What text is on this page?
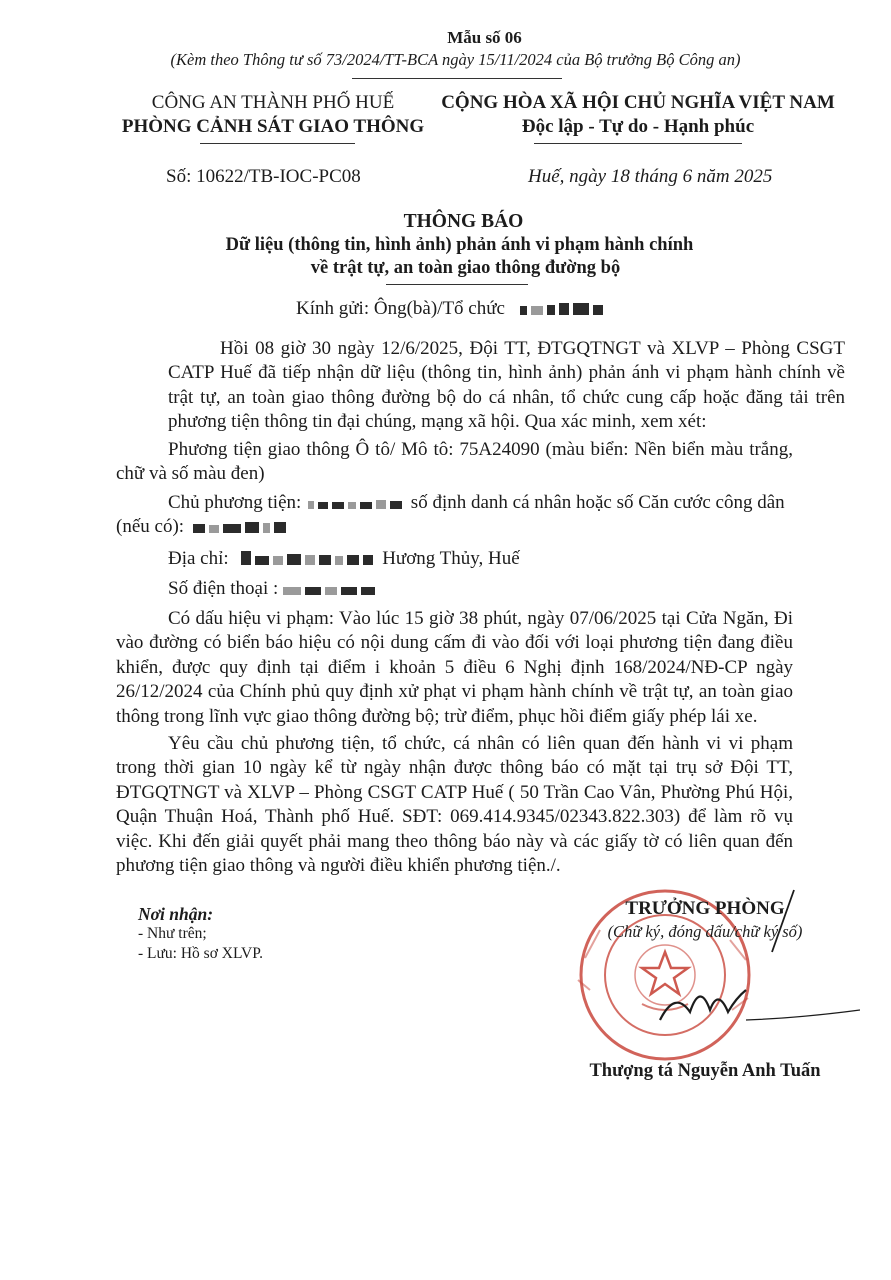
Mẫu số 06
(Kèm theo Thông tư số 73/2024/TT-BCA ngày 15/11/2024 của Bộ trưởng Bộ Công an)
CÔNG AN THÀNH PHỐ HUẾ
PHÒNG CẢNH SÁT GIAO THÔNG
CỘNG HÒA XÃ HỘI CHỦ NGHĨA VIỆT NAM
Độc lập - Tự do - Hạnh phúc
Số: 10622/TB-IOC-PC08	Huế, ngày 18 tháng 6 năm 2025
THÔNG BÁO
Dữ liệu (thông tin, hình ảnh) phản ánh vi phạm hành chính
về trật tự, an toàn giao thông đường bộ
Kính gửi: Ông(bà)/Tổ chức
Hồi 08 giờ 30 ngày 12/6/2025, Đội TT, ĐTGQTNGT và XLVP – Phòng CSGT CATP Huế đã tiếp nhận dữ liệu (thông tin, hình ảnh) phản ánh vi phạm hành chính về trật tự, an toàn giao thông đường bộ do cá nhân, tổ chức cung cấp hoặc đăng tải trên phương tiện thông tin đại chúng, mạng xã hội. Qua xác minh, xem xét:
Phương tiện giao thông Ô tô/ Mô tô: 75A24090 (màu biển: Nền biển màu trắng, chữ và số màu đen)
Chủ phương tiện:	số định danh cá nhân hoặc số Căn cước công dân
(nếu có):
Địa chỉ:	Hương Thủy, Huế
Số điện thoại :
Có dấu hiệu vi phạm: Vào lúc 15 giờ 38 phút, ngày 07/06/2025 tại Cửa Ngăn, Đi vào đường có biển báo hiệu có nội dung cấm đi vào đối với loại phương tiện đang điều khiển, được quy định tại điểm i khoản 5 điều 6 Nghị định 168/2024/NĐ-CP ngày 26/12/2024 của Chính phủ quy định xử phạt vi phạm hành chính về trật tự, an toàn giao thông trong lĩnh vực giao thông đường bộ; trừ điểm, phục hồi điểm giấy phép lái xe.
Yêu cầu chủ phương tiện, tổ chức, cá nhân có liên quan đến hành vi vi phạm trong thời gian 10 ngày kể từ ngày nhận được thông báo có mặt tại trụ sở Đội TT, ĐTGQTNGT và XLVP – Phòng CSGT CATP Huế ( 50 Trần Cao Vân, Phường Phú Hội, Quận Thuận Hoá, Thành phố Huế. SĐT: 069.414.9345/02343.822.303) để làm rõ vụ việc. Khi đến giải quyết phải mang theo thông báo này và các giấy tờ có liên quan đến phương tiện giao thông và người điều khiển phương tiện./.
Nơi nhận:
- Như trên;
- Lưu: Hồ sơ XLVP.
TRƯỞNG PHÒNG
(Chữ ký, đóng dấu/chữ ký số)
Thượng tá Nguyễn Anh Tuấn
